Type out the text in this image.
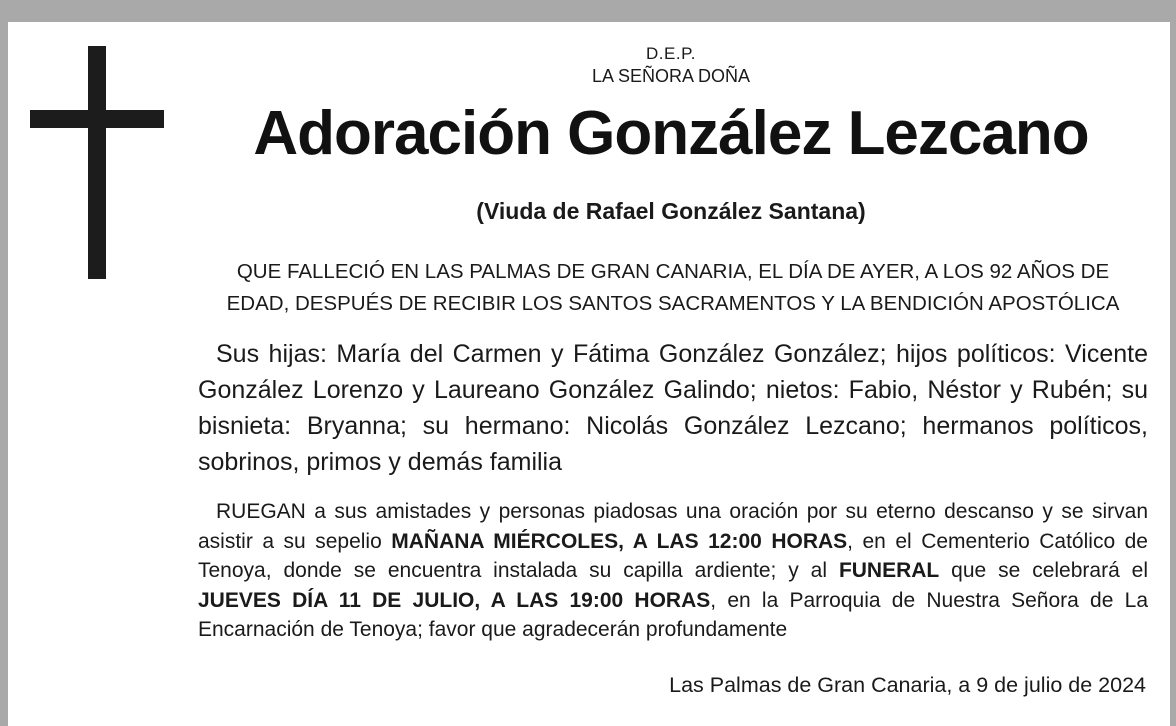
D.E.P.
LA SEÑORA DOÑA
Adoración González Lezcano
(Viuda de Rafael González Santana)
QUE FALLECIÓ EN LAS PALMAS DE GRAN CANARIA, EL DÍA DE AYER, A LOS 92 AÑOS DE
EDAD, DESPUÉS DE RECIBIR LOS SANTOS SACRAMENTOS Y LA BENDICIÓN APOSTÓLICA
Sus hijas: María del Carmen y Fátima González González; hijos políticos: Vicente González Lorenzo y Laureano González Galindo; nietos: Fabio, Néstor y Rubén; su bisnieta: Bryanna; su hermano: Nicolás González Lezcano; hermanos políticos, sobrinos, primos y demás familia
RUEGAN a sus amistades y personas piadosas una oración por su eterno descanso y se sirvan asistir a su sepelio MAÑANA MIÉRCOLES, A LAS 12:00 HORAS, en el Cementerio Católico de Tenoya, donde se encuentra instalada su capilla ardiente; y al FUNERAL que se celebrará el JUEVES DÍA 11 DE JULIO, A LAS 19:00 HORAS, en la Parroquia de Nuestra Señora de La Encarnación de Tenoya; favor que agradecerán profundamente
Las Palmas de Gran Canaria, a 9 de julio de 2024
